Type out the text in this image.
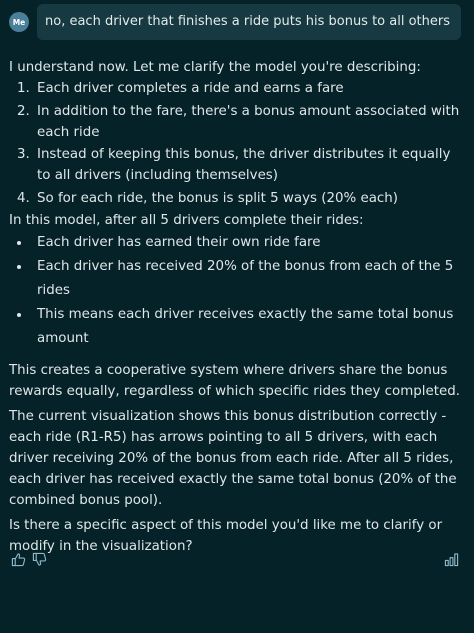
Me	no, each driver that finishes a ride puts his bonus to all others

I understand now. Let me clarify the model you're describing:

1. Each driver completes a ride and earns a fare
2. In addition to the fare, there's a bonus amount associated with each ride
3. Instead of keeping this bonus, the driver distributes it equally to all drivers (including themselves)
4. So for each ride, the bonus is split 5 ways (20% each)

In this model, after all 5 drivers complete their rides:

Each driver has earned their own ride fare
Each driver has received 20% of the bonus from each of the 5 rides
This means each driver receives exactly the same total bonus amount

This creates a cooperative system where drivers share the bonus rewards equally, regardless of which specific rides they completed.

The current visualization shows this bonus distribution correctly - each ride (R1-R5) has arrows pointing to all 5 drivers, with each driver receiving 20% of the bonus from each ride. After all 5 rides, each driver has received exactly the same total bonus (20% of the combined bonus pool).

Is there a specific aspect of this model you'd like me to clarify or modify in the visualization?
